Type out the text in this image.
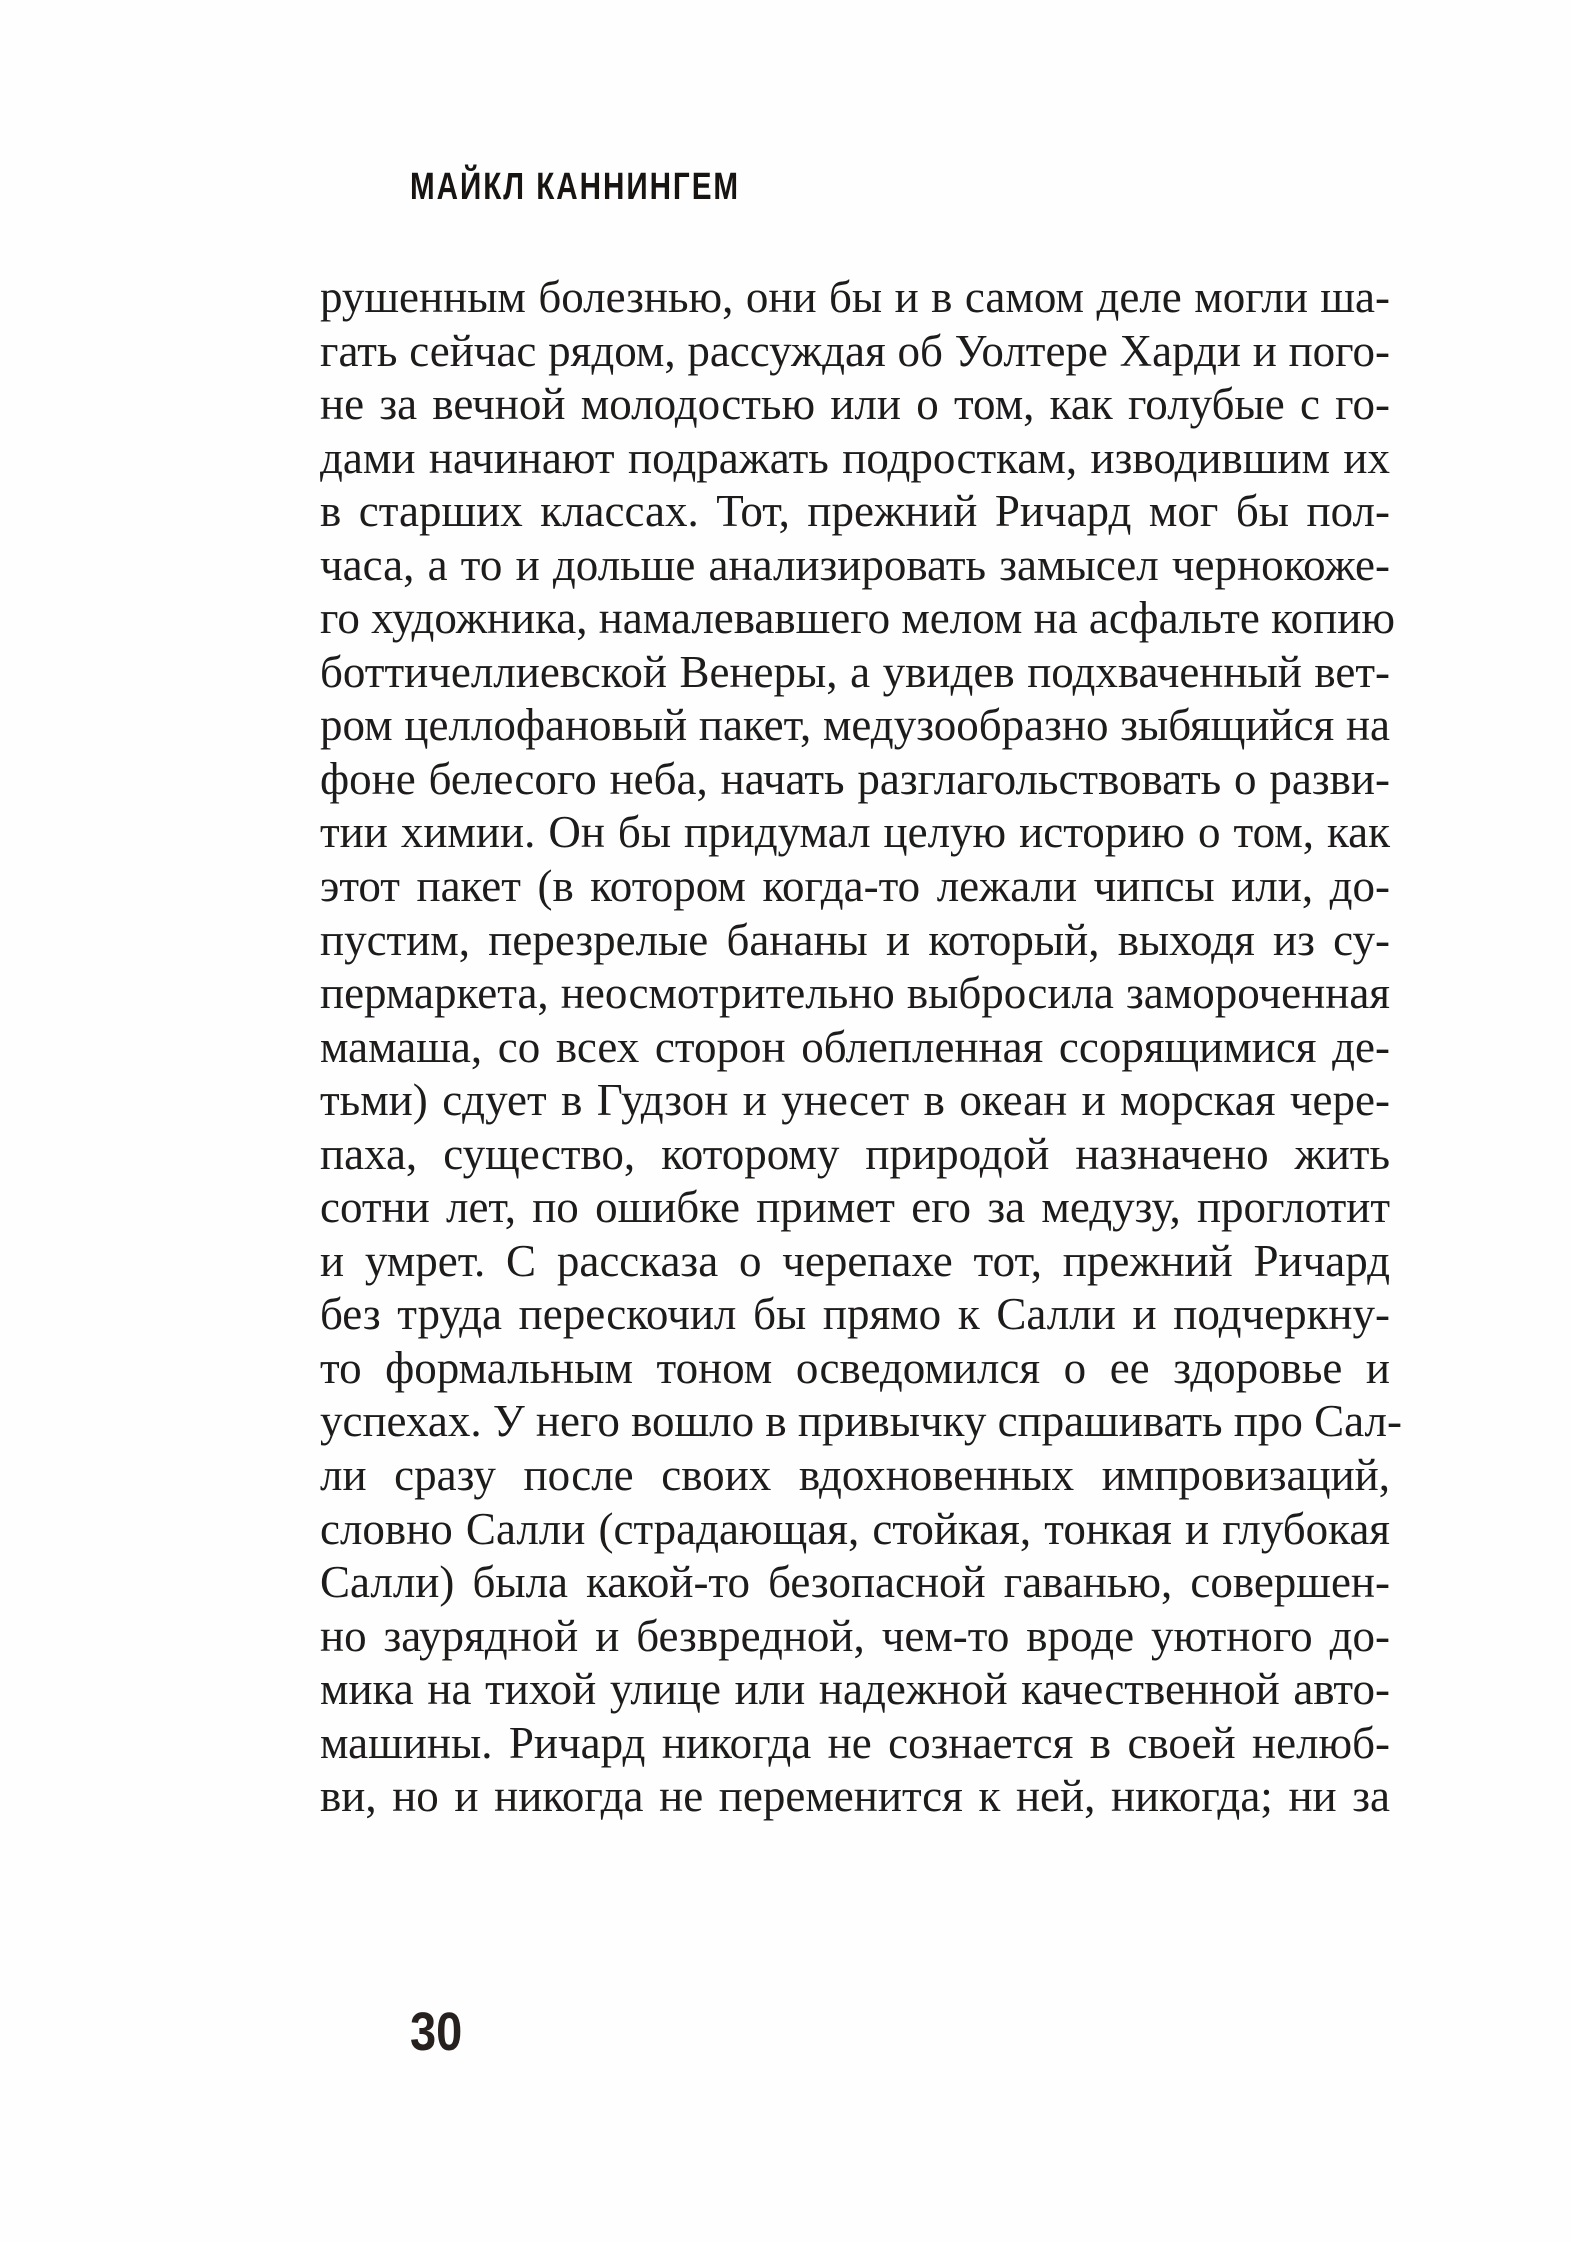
МАЙКЛ КАННИНГЕМ
рушенным болезнью, они бы и в самом деле могли ша-
гать сейчас рядом, рассуждая об Уолтере Харди и пого-
не за вечной молодостью или о том, как голубые с го-
дами начинают подражать подросткам, изводившим их
в старших классах. Тот, прежний Ричард мог бы пол-
часа, а то и дольше анализировать замысел чернокоже-
го художника, намалевавшего мелом на асфальте копию
боттичеллиевской Венеры, а увидев подхваченный вет-
ром целлофановый пакет, медузообразно зыбящийся на
фоне белесого неба, начать разглагольствовать о разви-
тии химии. Он бы придумал целую историю о том, как
этот пакет (в котором когда-то лежали чипсы или, до-
пустим, перезрелые бананы и который, выходя из су-
пермаркета, неосмотрительно выбросила замороченная
мамаша, со всех сторон облепленная ссорящимися де-
тьми) сдует в Гудзон и унесет в океан и морская чере-
паха, существо, которому природой назначено жить
сотни лет, по ошибке примет его за медузу, проглотит
и умрет. С рассказа о черепахе тот, прежний Ричард
без труда перескочил бы прямо к Салли и подчеркну-
то формальным тоном осведомился о ее здоровье и
успехах. У него вошло в привычку спрашивать про Сал-
ли сразу после своих вдохновенных импровизаций,
словно Салли (страдающая, стойкая, тонкая и глубокая
Салли) была какой-то безопасной гаванью, совершен-
но заурядной и безвредной, чем-то вроде уютного до-
мика на тихой улице или надежной качественной авто-
машины. Ричард никогда не сознается в своей нелюб-
ви, но и никогда не переменится к ней, никогда; ни за
30
